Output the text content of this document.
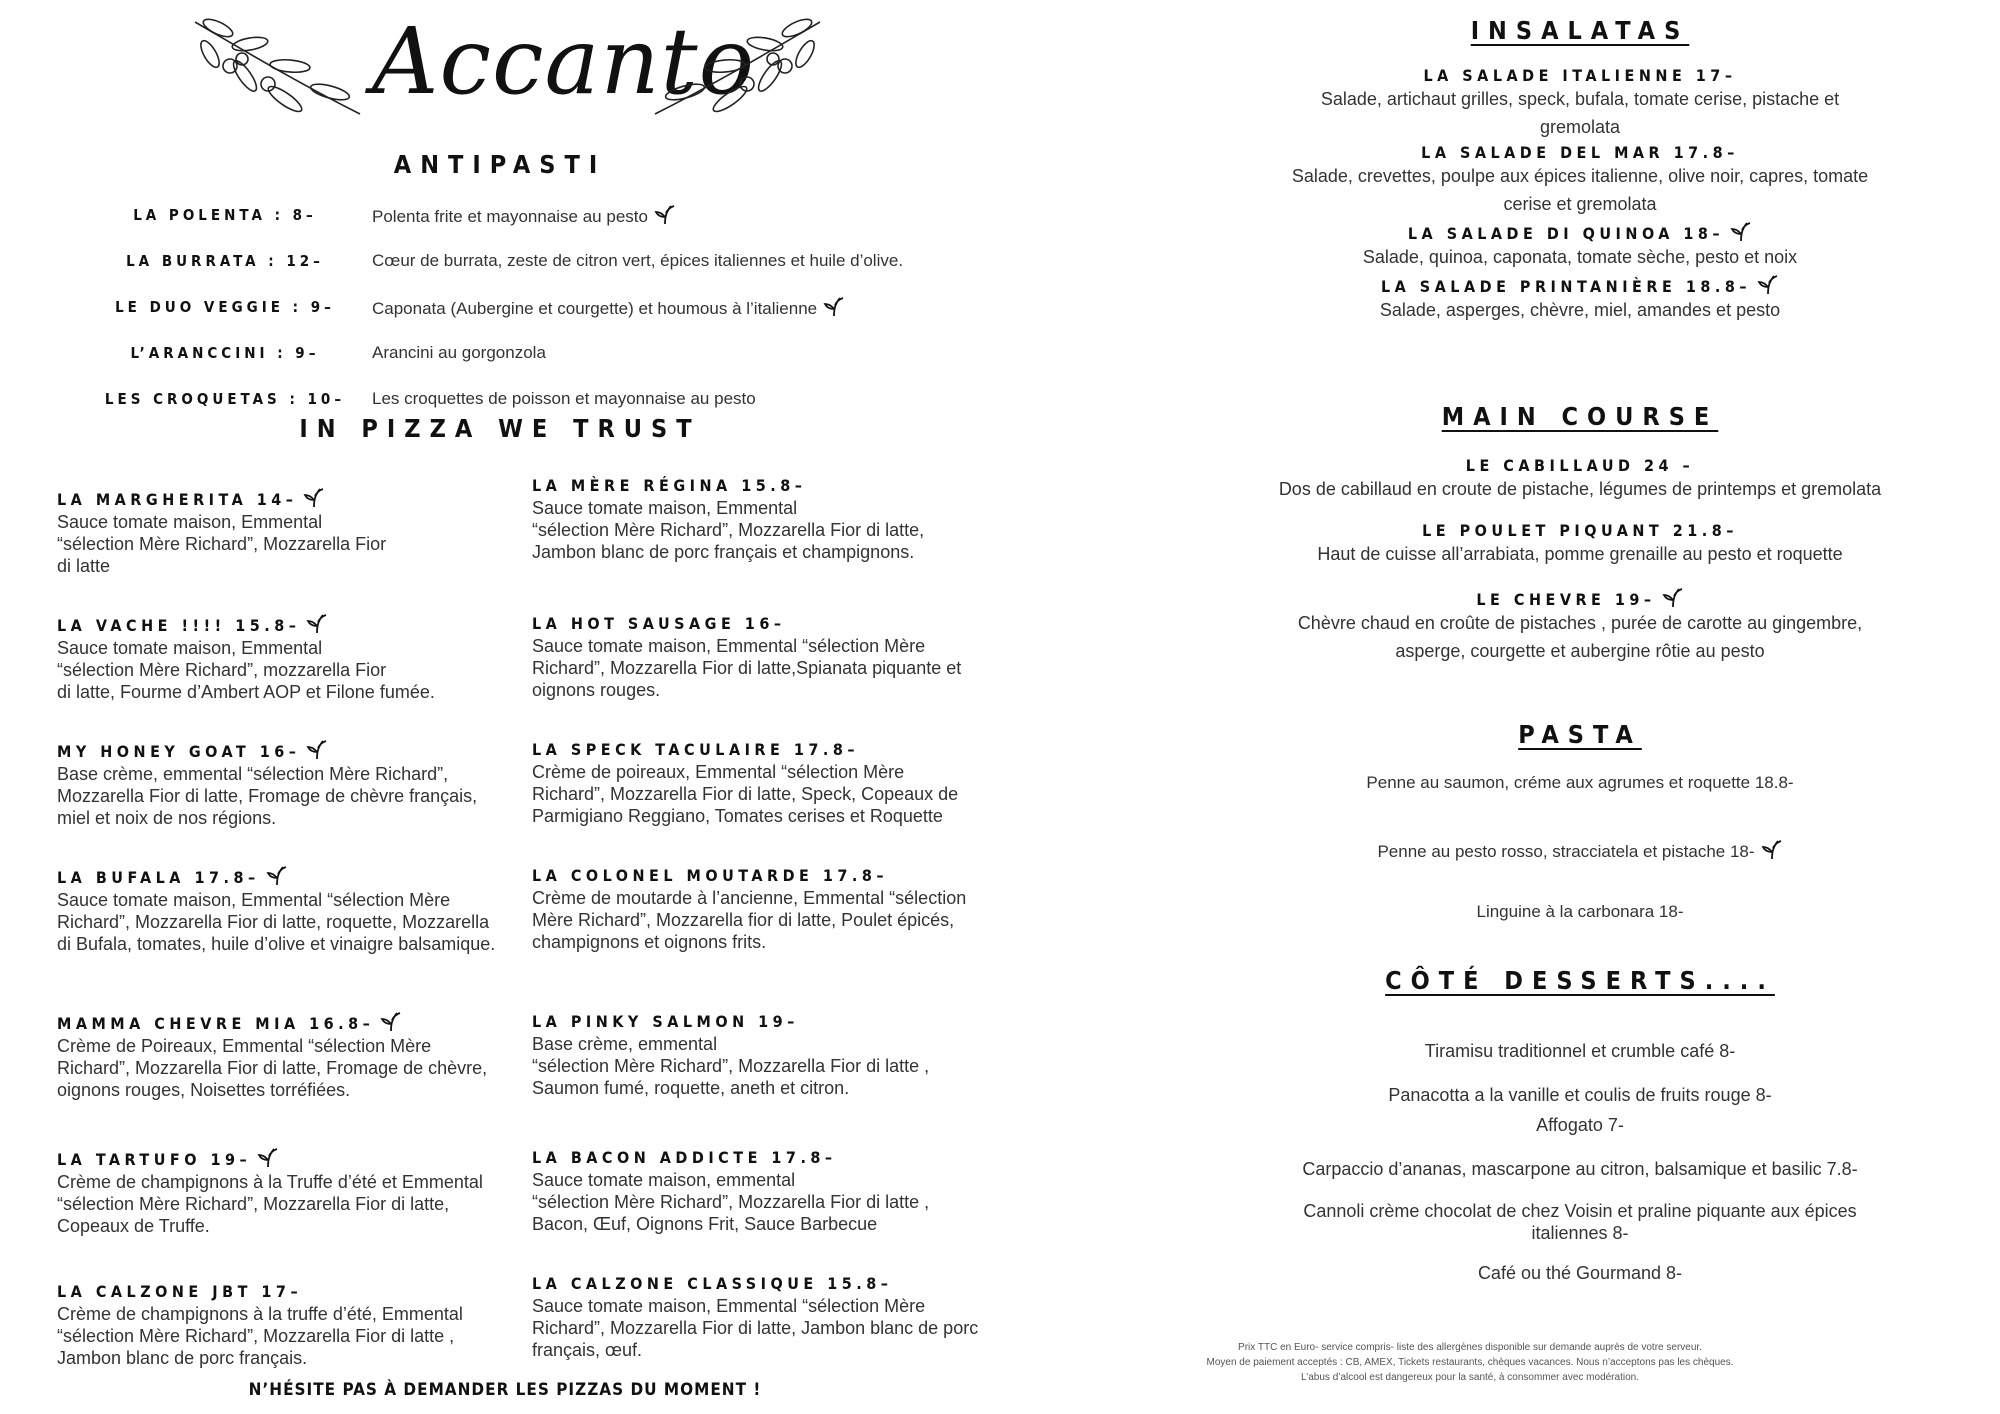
Accanto
ANTIPASTI
LA POLENTA : 8–	Polenta frite et mayonnaise au pesto
LA BURRATA : 12–	Cœur de burrata, zeste de citron vert, épices italiennes et huile d’olive.
LE DUO VEGGIE : 9–	Caponata (Aubergine et courgette) et houmous à l’italienne
L’ARANCCINI : 9–	Arancini au gorgonzola
LES CROQUETAS : 10–	Les croquettes de poisson et mayonnaise au pesto
IN PIZZA WE TRUST
LA MARGHERITA 14–
Sauce tomate maison, Emmental
“sélection Mère Richard”, Mozzarella Fior
di latte
LA VACHE !!!! 15.8–
Sauce tomate maison, Emmental
“sélection Mère Richard”, mozzarella Fior
di latte, Fourme d’Ambert AOP et Filone fumée.
MY HONEY GOAT 16–
Base crème, emmental “sélection Mère Richard”,
Mozzarella Fior di latte, Fromage de chèvre français,
miel et noix de nos régions.
LA BUFALA 17.8–
Sauce tomate maison, Emmental “sélection Mère
Richard”, Mozzarella Fior di latte, roquette, Mozzarella
di Bufala, tomates, huile d’olive et vinaigre balsamique.
MAMMA CHEVRE MIA 16.8–
Crème de Poireaux, Emmental “sélection Mère
Richard”, Mozzarella Fior di latte, Fromage de chèvre,
oignons rouges, Noisettes torréfiées.
LA TARTUFO 19–
Crème de champignons à la Truffe d’été et Emmental
“sélection Mère Richard”, Mozzarella Fior di latte,
Copeaux de Truffe.
LA CALZONE JBT 17–
Crème de champignons à la truffe d’été, Emmental
“sélection Mère Richard”, Mozzarella Fior di latte ,
Jambon blanc de porc français.
LA MÈRE RÉGINA 15.8–
Sauce tomate maison, Emmental
“sélection Mère Richard”, Mozzarella Fior di latte,
Jambon blanc de porc français et champignons.
LA HOT SAUSAGE 16–
Sauce tomate maison, Emmental “sélection Mère
Richard”, Mozzarella Fior di latte,Spianata piquante et
oignons rouges.
LA SPECK TACULAIRE 17.8–
Crème de poireaux, Emmental “sélection Mère
Richard”, Mozzarella Fior di latte, Speck, Copeaux de
Parmigiano Reggiano, Tomates cerises et Roquette
LA COLONEL MOUTARDE 17.8–
Crème de moutarde à l’ancienne, Emmental “sélection
Mère Richard”, Mozzarella fior di latte, Poulet épicés,
champignons et oignons frits.
LA PINKY SALMON 19–
Base crème, emmental
“sélection Mère Richard”, Mozzarella Fior di latte ,
Saumon fumé, roquette, aneth et citron.
LA BACON ADDICTE 17.8–
Sauce tomate maison, emmental
“sélection Mère Richard”, Mozzarella Fior di latte ,
Bacon, Œuf, Oignons Frit, Sauce Barbecue
LA CALZONE CLASSIQUE 15.8–
Sauce tomate maison, Emmental “sélection Mère
Richard”, Mozzarella Fior di latte, Jambon blanc de porc
français, œuf.
N’HÉSITE PAS À DEMANDER LES PIZZAS DU MOMENT !
INSALATAS
LA SALADE ITALIENNE 17–
Salade, artichaut grilles, speck, bufala, tomate cerise, pistache et
gremolata
LA SALADE DEL MAR 17.8–
Salade, crevettes, poulpe aux épices italienne, olive noir, capres, tomate
cerise et gremolata
LA SALADE DI QUINOA 18–
Salade, quinoa, caponata, tomate sèche, pesto et noix
LA SALADE PRINTANIÈRE 18.8–
Salade, asperges, chèvre, miel, amandes et pesto
MAIN COURSE
LE CABILLAUD 24 –
Dos de cabillaud en croute de pistache, légumes de printemps et gremolata
LE POULET PIQUANT 21.8–
Haut de cuisse all’arrabiata, pomme grenaille au pesto et roquette
LE CHEVRE 19–
Chèvre chaud en croûte de pistaches , purée de carotte au gingembre,
asperge, courgette et aubergine rôtie au pesto
PASTA
Penne au saumon, créme aux agrumes et roquette 18.8-
Penne au pesto rosso, stracciatela et pistache 18-
Linguine à la carbonara 18-
CÔTÉ DESSERTS....
Tiramisu traditionnel et crumble café 8-
Panacotta a la vanille et coulis de fruits rouge 8-
Affogato 7-
Carpaccio d’ananas, mascarpone au citron, balsamique et basilic 7.8-
Cannoli crème chocolat de chez Voisin et praline piquante aux épices
italiennes 8-
Café ou thé Gourmand 8-
Prix TTC en Euro- service compris- liste des allergènes disponible sur demande auprès de votre serveur.
Moyen de paiement acceptés : CB, AMEX, Tickets restaurants, chèques vacances. Nous n’acceptons pas les chèques.
L’abus d’alcool est dangereux pour la santé, à consommer avec modération.
